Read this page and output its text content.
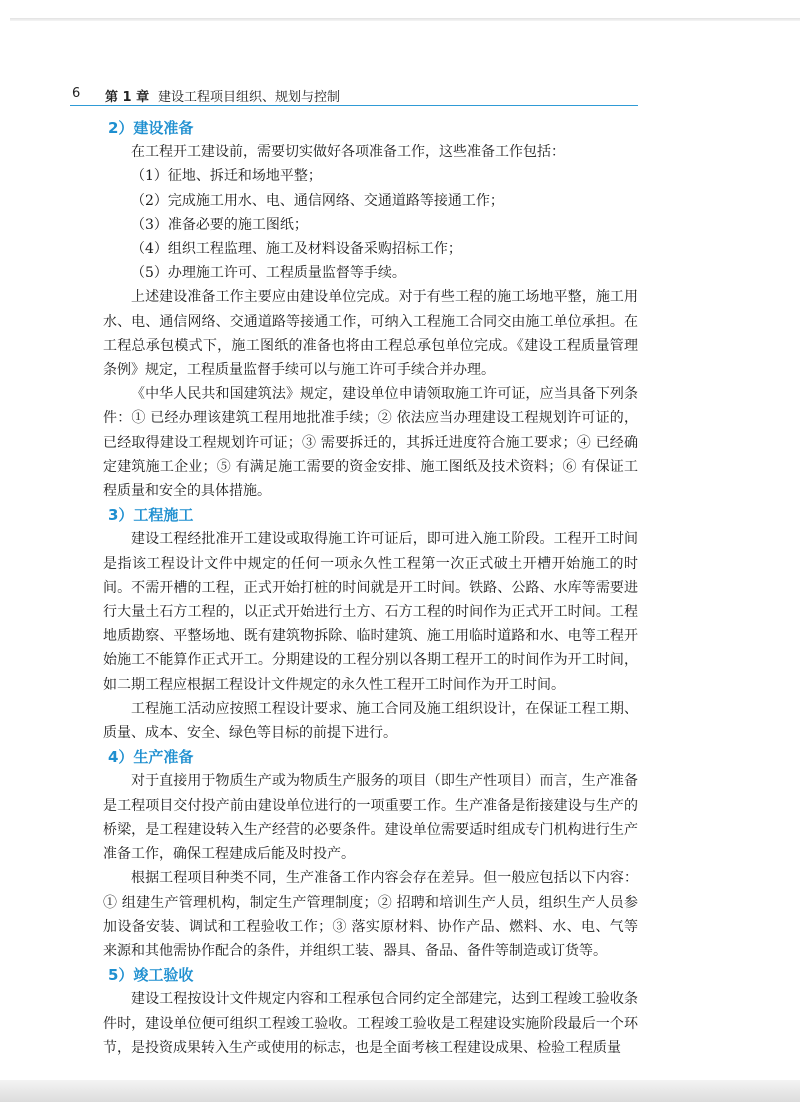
6 第 1 章 建设工程项目组织、规划与控制
2）建设准备

在工程开工建设前，需要切实做好各项准备工作，这些准备工作包括：

（1）征地、拆迁和场地平整；

（2）完成施工用水、电、通信网络、交通道路等接通工作；

（3）准备必要的施工图纸；

（4）组织工程监理、施工及材料设备采购招标工作；

（5）办理施工许可、工程质量监督等手续。

上述建设准备工作主要应由建设单位完成。对于有些工程的施工场地平整，施工用水、电、通信网络、交通道路等接通工作，可纳入工程施工合同交由施工单位承担。在工程总承包模式下，施工图纸的准备也将由工程总承包单位完成。《建设工程质量管理条例》规定，工程质量监督手续可以与施工许可手续合并办理。

《中华人民共和国建筑法》规定，建设单位申请领取施工许可证，应当具备下列条件：① 已经办理该建筑工程用地批准手续；② 依法应当办理建设工程规划许可证的，已经取得建设工程规划许可证；③ 需要拆迁的，其拆迁进度符合施工要求；④ 已经确定建筑施工企业；⑤ 有满足施工需要的资金安排、施工图纸及技术资料；⑥ 有保证工程质量和安全的具体措施。

3）工程施工

建设工程经批准开工建设或取得施工许可证后，即可进入施工阶段。工程开工时间是指该工程设计文件中规定的任何一项永久性工程第一次正式破土开槽开始施工的时间。不需开槽的工程，正式开始打桩的时间就是开工时间。铁路、公路、水库等需要进行大量土石方工程的，以正式开始进行土方、石方工程的时间作为正式开工时间。工程地质勘察、平整场地、既有建筑物拆除、临时建筑、施工用临时道路和水、电等工程开始施工不能算作正式开工。分期建设的工程分别以各期工程开工的时间作为开工时间，如二期工程应根据工程设计文件规定的永久性工程开工时间作为开工时间。

工程施工活动应按照工程设计要求、施工合同及施工组织设计，在保证工程工期、质量、成本、安全、绿色等目标的前提下进行。

4）生产准备

对于直接用于物质生产或为物质生产服务的项目（即生产性项目）而言，生产准备是工程项目交付投产前由建设单位进行的一项重要工作。生产准备是衔接建设与生产的桥梁，是工程建设转入生产经营的必要条件。建设单位需要适时组成专门机构进行生产准备工作，确保工程建成后能及时投产。

根据工程项目种类不同，生产准备工作内容会存在差异。但一般应包括以下内容：① 组建生产管理机构，制定生产管理制度；② 招聘和培训生产人员，组织生产人员参加设备安装、调试和工程验收工作；③ 落实原材料、协作产品、燃料、水、电、气等来源和其他需协作配合的条件，并组织工装、器具、备品、备件等制造或订货等。

5）竣工验收

建设工程按设计文件规定内容和工程承包合同约定全部建完，达到工程竣工验收条件时，建设单位便可组织工程竣工验收。工程竣工验收是工程建设实施阶段最后一个环节，是投资成果转入生产或使用的标志，也是全面考核工程建设成果、检验工程质量
